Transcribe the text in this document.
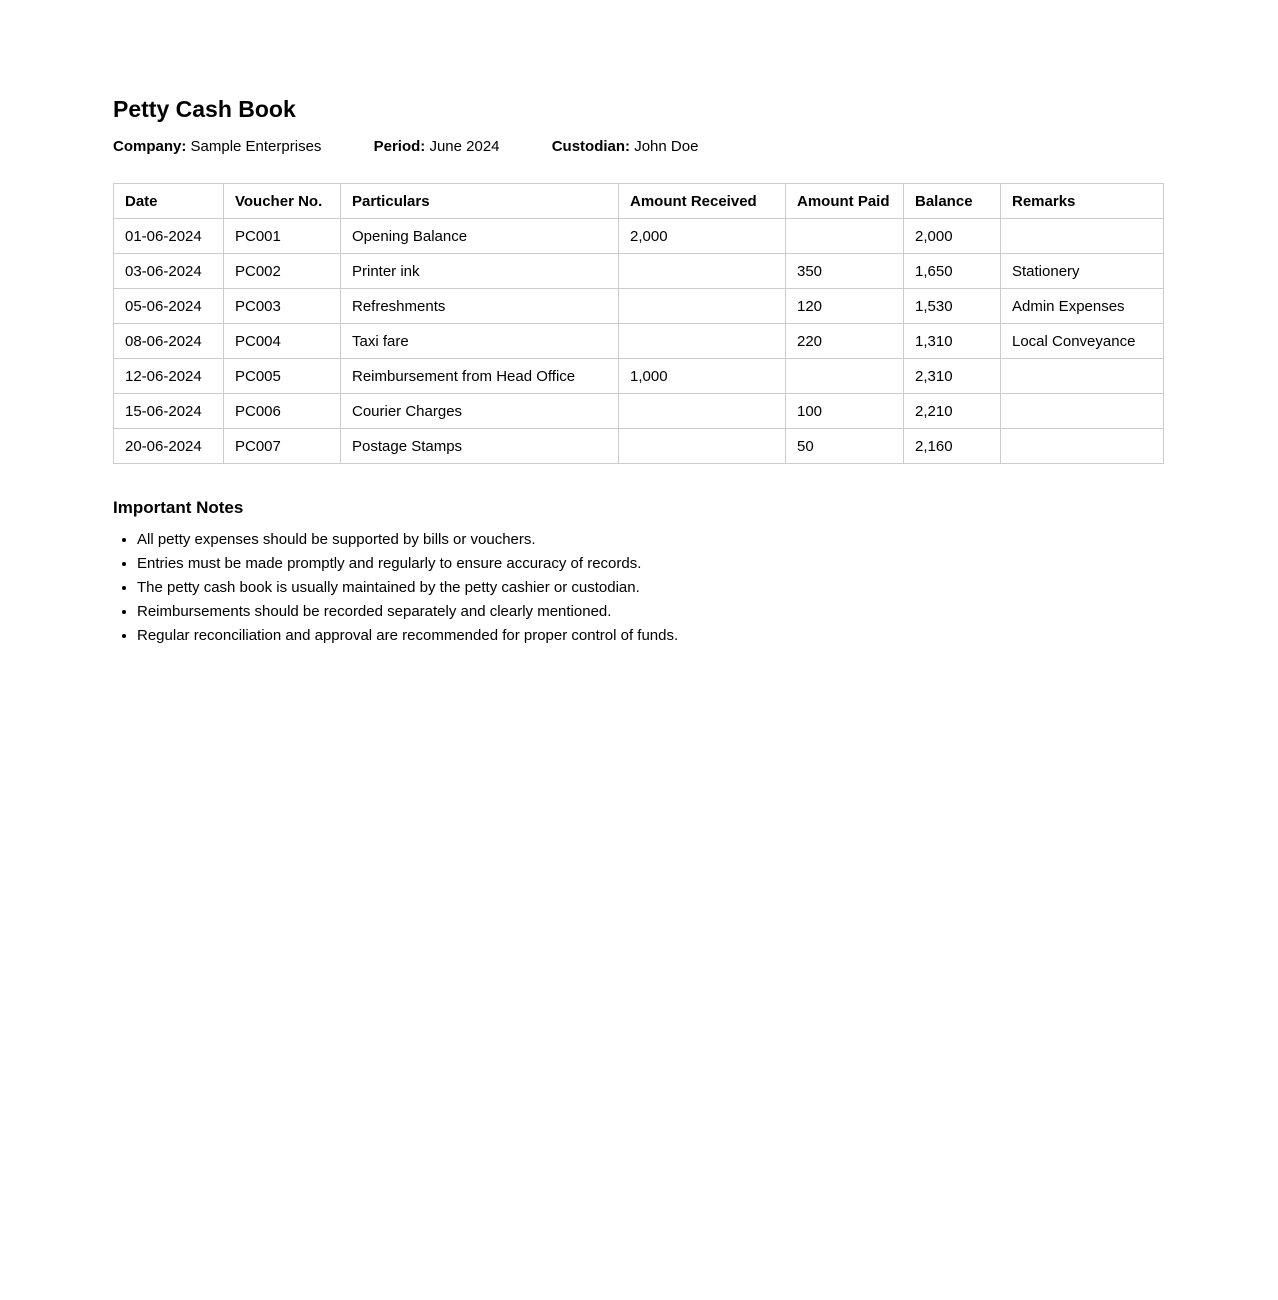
Petty Cash Book

Company: Sample Enterprises	Period: June 2024	Custodian: John Doe

Date	Voucher No.	Particulars	Amount Received	Amount Paid	Balance	Remarks
01-06-2024	PC001	Opening Balance	2,000		2,000	
03-06-2024	PC002	Printer ink		350	1,650	Stationery
05-06-2024	PC003	Refreshments		120	1,530	Admin Expenses
08-06-2024	PC004	Taxi fare		220	1,310	Local Conveyance
12-06-2024	PC005	Reimbursement from Head Office	1,000		2,310	
15-06-2024	PC006	Courier Charges		100	2,210	
20-06-2024	PC007	Postage Stamps		50	2,160	
Important Notes
• All petty expenses should be supported by bills or vouchers.
• Entries must be made promptly and regularly to ensure accuracy of records.
• The petty cash book is usually maintained by the petty cashier or custodian.
• Reimbursements should be recorded separately and clearly mentioned.
• Regular reconciliation and approval are recommended for proper control of funds.
